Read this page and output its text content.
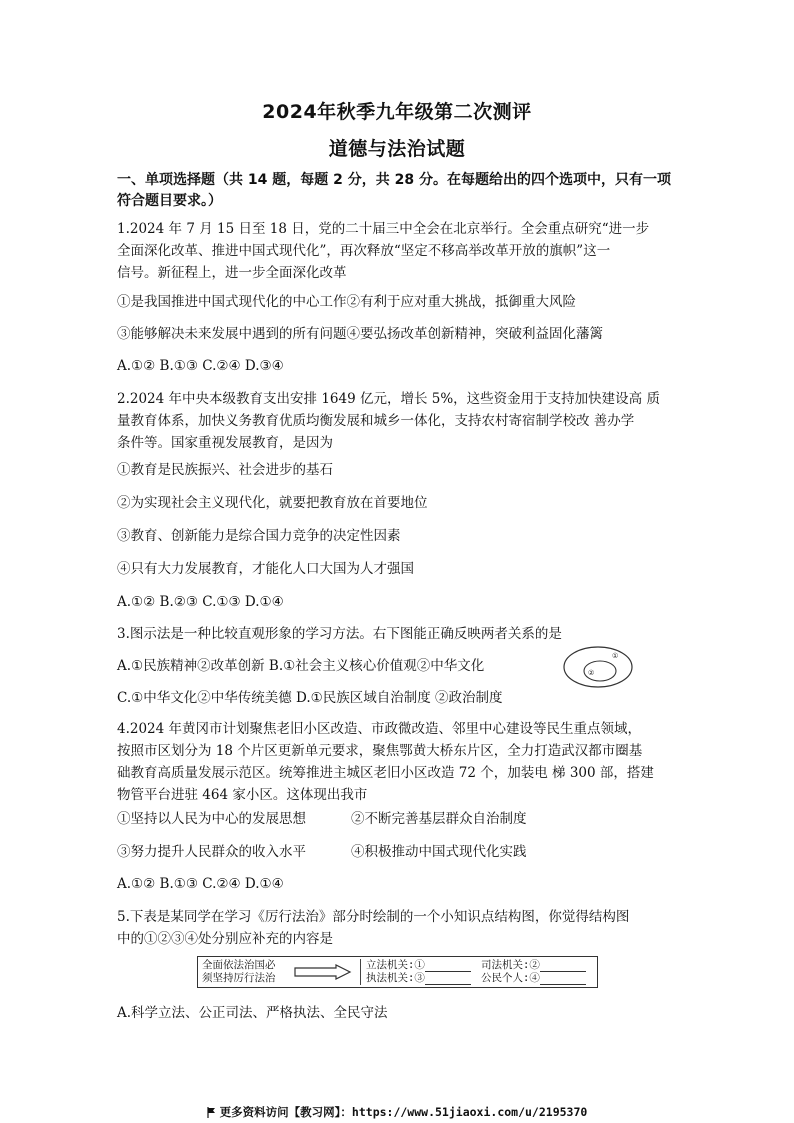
2024年秋季九年级第二次测评
道德与法治试题
一、单项选择题（共 14 题，每题 2 分，共 28 分。在每题给出的四个选项中，只有一项
符合题目要求。）
1.2024 年 7 月 15 日至 18 日，党的二十届三中全会在北京举行。全会重点研究“进一步
全面深化改革、推进中国式现代化”，再次释放“坚定不移高举改革开放的旗帜”这一
信号。新征程上，进一步全面深化改革
①是我国推进中国式现代化的中心工作②有利于应对重大挑战，抵御重大风险
③能够解决未来发展中遇到的所有问题④要弘扬改革创新精神，突破利益固化藩篱
A.①② B.①③ C.②④ D.③④
2.2024 年中央本级教育支出安排 1649 亿元，增长 5%，这些资金用于支持加快建设高 质
量教育体系，加快义务教育优质均衡发展和城乡一体化，支持农村寄宿制学校改 善办学
条件等。国家重视发展教育，是因为
①教育是民族振兴、社会进步的基石
②为实现社会主义现代化，就要把教育放在首要地位
③教育、创新能力是综合国力竞争的决定性因素
④只有大力发展教育，才能化人口大国为人才强国
A.①② B.②③ C.①③ D.①④
3.图示法是一种比较直观形象的学习方法。右下图能正确反映两者关系的是
A.①民族精神②改革创新 B.①社会主义核心价值观②中华文化
C.①中华文化②中华传统美德 D.①民族区域自治制度 ②政治制度
①
②
4.2024 年黄冈市计划聚焦老旧小区改造、市政微改造、邻里中心建设等民生重点领域，
按照市区划分为 18 个片区更新单元要求，聚焦鄂黄大桥东片区，全力打造武汉都市圈基
础教育高质量发展示范区。统筹推进主城区老旧小区改造 72 个，加装电 梯 300 部，搭建
物管平台进驻 464 家小区。这体现出我市
①坚持以人民为中心的发展思想	②不断完善基层群众自治制度
③努力提升人民群众的收入水平	④积极推动中国式现代化实践
A.①② B.①③ C.②④ D.①④
5.下表是某同学在学习《厉行法治》部分时绘制的一个小知识点结构图，你觉得结构图
中的①②③④处分别应补充的内容是
全面依法治国必
须坚持厉行法治
立法机关:①	司法机关:②
执法机关:③	公民个人:④
A.科学立法、公正司法、严格执法、全民守法
更多资料访问【教习网】：https://www.51jiaoxi.com/u/2195370
